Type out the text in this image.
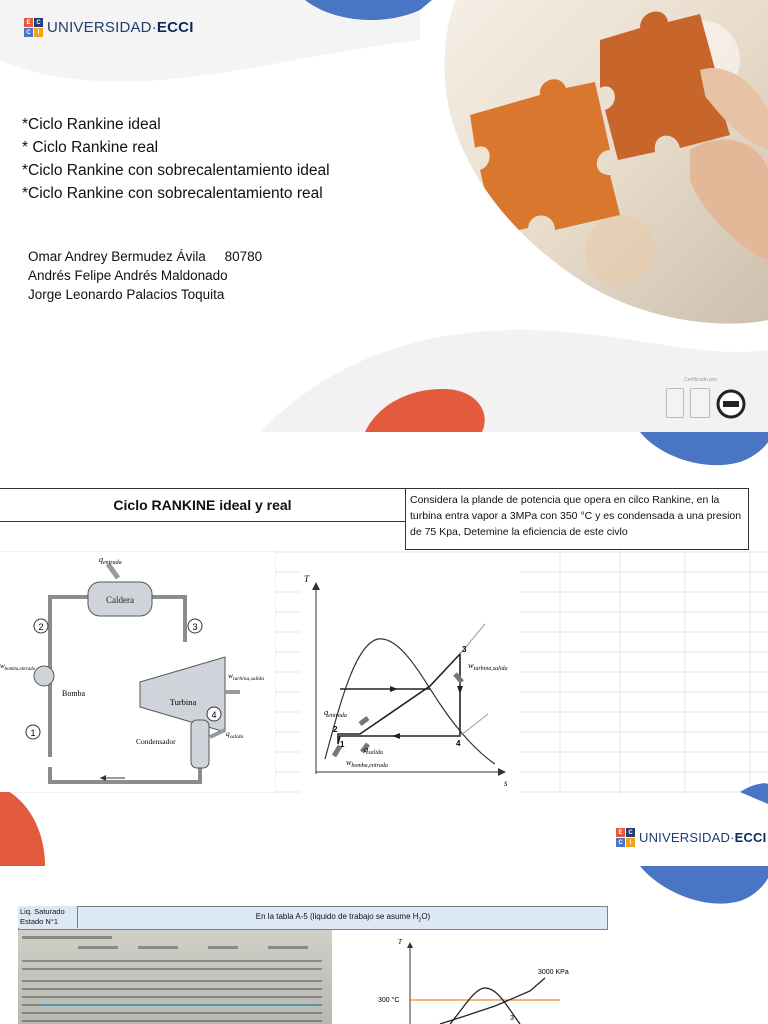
E C
C	I UNIVERSIDAD·ECCI
*Ciclo Rankine ideal
* Ciclo Rankine real
*Ciclo Rankine con sobrecalentamiento ideal
*Ciclo Rankine con sobrecalentamiento real
Omar Andrey Bermudez Ávila     80780
Andrés Felipe Andrés Maldonado
Jorge Leonardo Palacios Toquita
Certificado por:
Ciclo RANKINE ideal y real	Considera la plande de potencia que opera en cilco Rankine, en la turbina entra vapor a 3MPa con 350 °C y es condensada a una presion de 75 Kpa, Detemine la eficiencia de este civlo
Caldera
$q_{entrada}$
Turbina
$w_{turbina,salida}$
Bomba
$w_{bomba,entrada}$
Condensador
$q_{salida}$
2
1
3
4
T
s
$q_{entrada}$
$w_{turbina,salida}$
$q_{salida}$
$w_{bomba,entrada}$
1
2
3
4
E C
C	I UNIVERSIDAD·ECCI
Liq. Saturado
Estado N°1
En la tabla A-5 (liquido de trabajo se asume $H_2O$)
T
300 °C
3000 KPa
3
